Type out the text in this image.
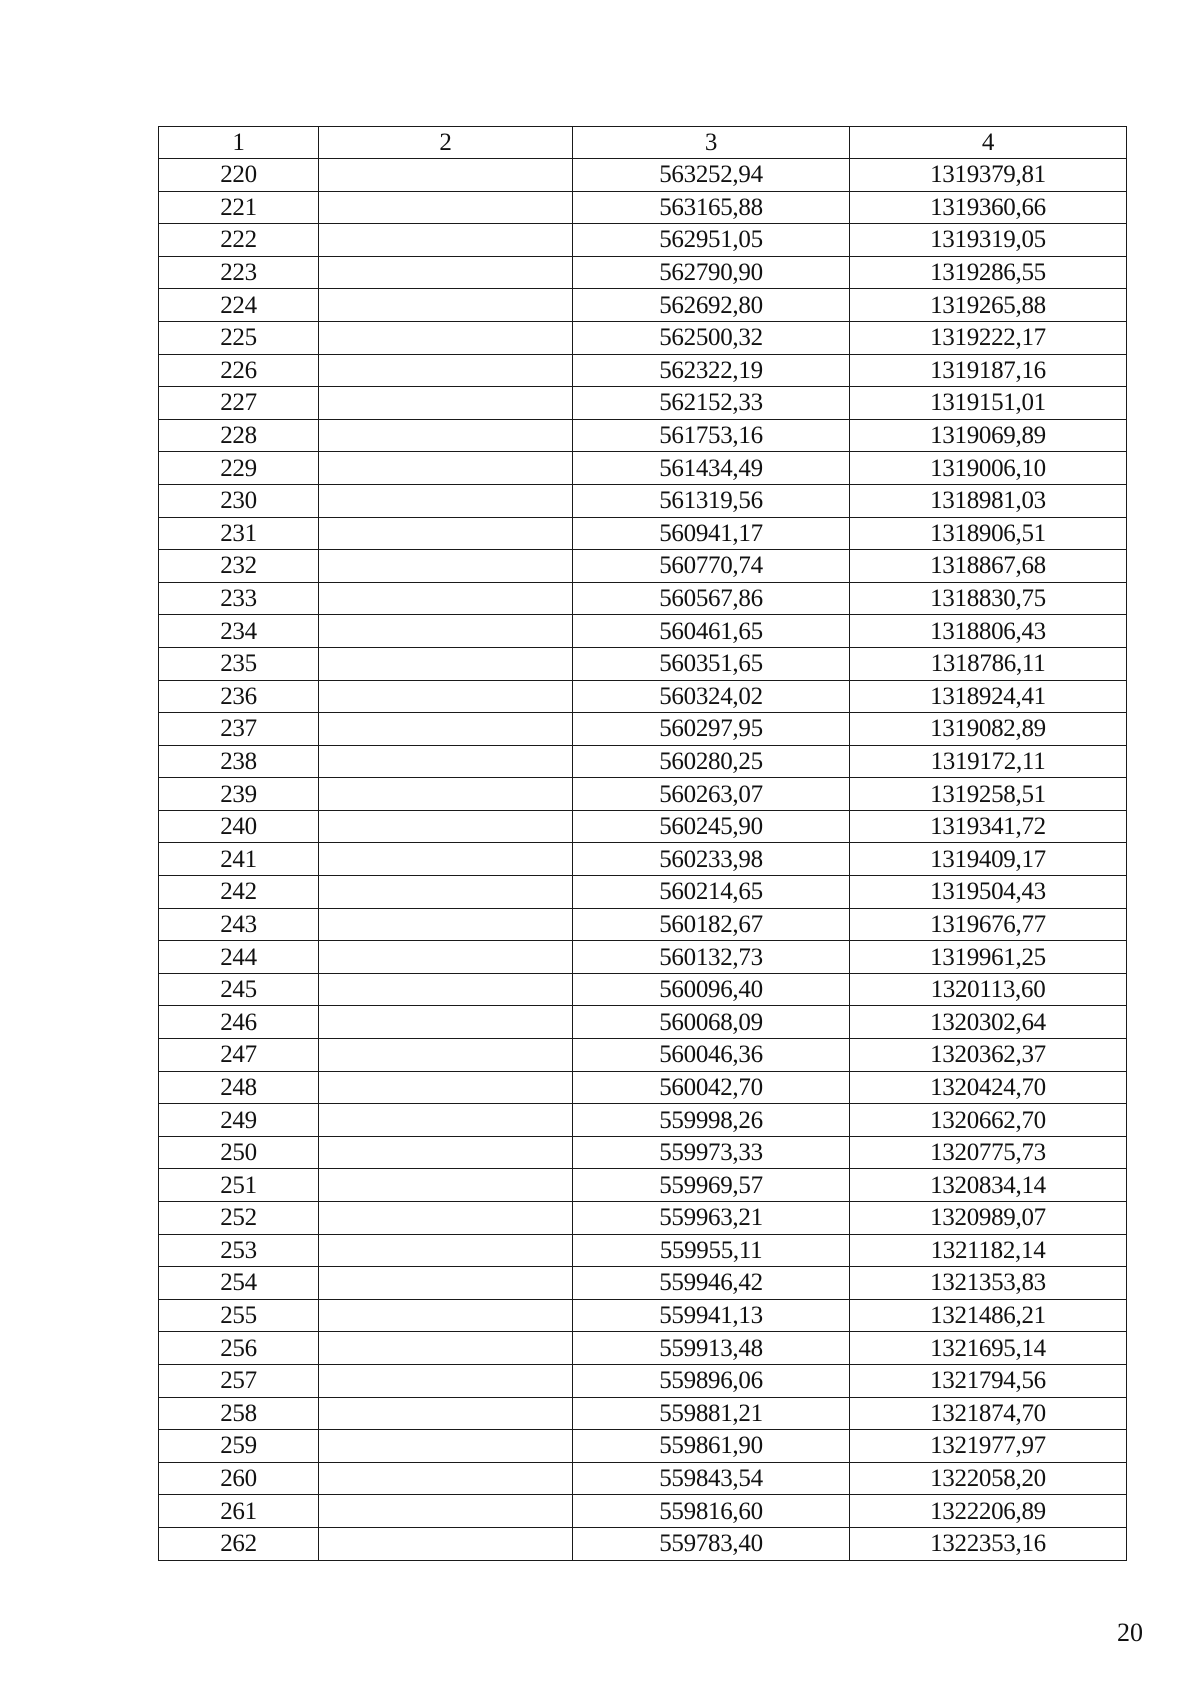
1	2	3	4
220		563252,94	1319379,81
221		563165,88	1319360,66
222		562951,05	1319319,05
223		562790,90	1319286,55
224		562692,80	1319265,88
225		562500,32	1319222,17
226		562322,19	1319187,16
227		562152,33	1319151,01
228		561753,16	1319069,89
229		561434,49	1319006,10
230		561319,56	1318981,03
231		560941,17	1318906,51
232		560770,74	1318867,68
233		560567,86	1318830,75
234		560461,65	1318806,43
235		560351,65	1318786,11
236		560324,02	1318924,41
237		560297,95	1319082,89
238		560280,25	1319172,11
239		560263,07	1319258,51
240		560245,90	1319341,72
241		560233,98	1319409,17
242		560214,65	1319504,43
243		560182,67	1319676,77
244		560132,73	1319961,25
245		560096,40	1320113,60
246		560068,09	1320302,64
247		560046,36	1320362,37
248		560042,70	1320424,70
249		559998,26	1320662,70
250		559973,33	1320775,73
251		559969,57	1320834,14
252		559963,21	1320989,07
253		559955,11	1321182,14
254		559946,42	1321353,83
255		559941,13	1321486,21
256		559913,48	1321695,14
257		559896,06	1321794,56
258		559881,21	1321874,70
259		559861,90	1321977,97
260		559843,54	1322058,20
261		559816,60	1322206,89
262		559783,40	1322353,16
20
